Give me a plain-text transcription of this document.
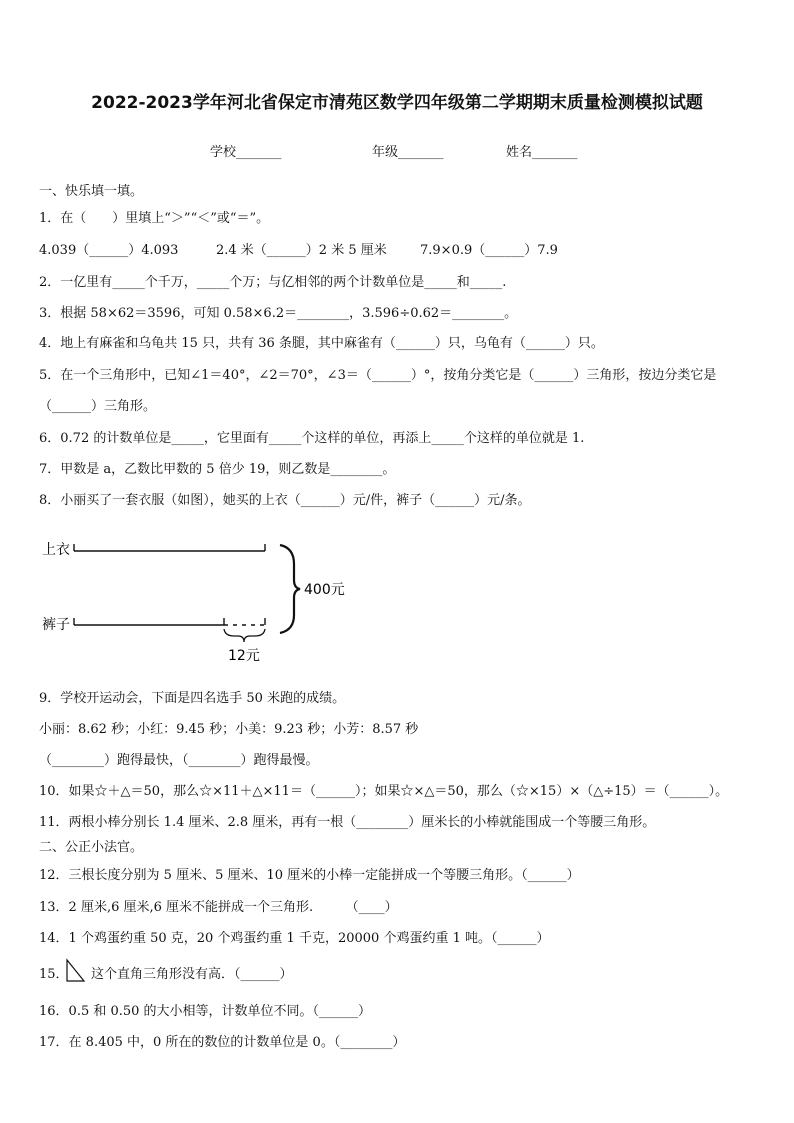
2022-2023学年河北省保定市清苑区数学四年级第二学期期末质量检测模拟试题
学校_______	年级_______	姓名_______
一、快乐填一填。
1．在（　　）里填上“＞”“＜”或“＝”。
4.039（______）4.093	2.4 米（______）2 米 5 厘米	7.9×0.9（______）7.9
2．一亿里有_____个千万，_____个万；与亿相邻的两个计数单位是_____和_____.
3．根据 58×62＝3596，可知 0.58×6.2＝________，3.596÷0.62＝________。
4．地上有麻雀和乌龟共 15 只，共有 36 条腿，其中麻雀有（______）只，乌龟有（______）只。
5．在一个三角形中，已知∠1＝40°，∠2＝70°，∠3＝（______）°，按角分类它是（______）三角形，按边分类它是
（______）三角形。
6．0.72 的计数单位是_____，它里面有_____个这样的单位，再添上_____个这样的单位就是 1.
7．甲数是 a，乙数比甲数的 5 倍少 19，则乙数是________。
8．小丽买了一套衣服（如图），她买的上衣（______）元/件，裤子（______）元/条。
上衣
裤子
12元
400元
9．学校开运动会，下面是四名选手 50 米跑的成绩。
小丽：8.62 秒；小红：9.45 秒；小美：9.23 秒；小芳：8.57 秒
（________）跑得最快，（________）跑得最慢。
10．如果☆＋△＝50，那么☆×11＋△×11＝（______）；如果☆×△＝50，那么（☆×15）×（△÷15）＝（______）。
11．两根小棒分别长 1.4 厘米、2.8 厘米，再有一根（________）厘米长的小棒就能围成一个等腰三角形。
二、公正小法官。
12．三根长度分别为 5 厘米、5 厘米、10 厘米的小棒一定能拼成一个等腰三角形。（______）
13．2 厘米,6 厘米,6 厘米不能拼成一个三角形.　　　（____）
14．1 个鸡蛋约重 50 克，20 个鸡蛋约重 1 千克，20000 个鸡蛋约重 1 吨。（______）
15． 这个直角三角形没有高．（______）
16．0.5 和 0.50 的大小相等，计数单位不同。（______）
17．在 8.405 中，0 所在的数位的计数单位是 0。（________）
